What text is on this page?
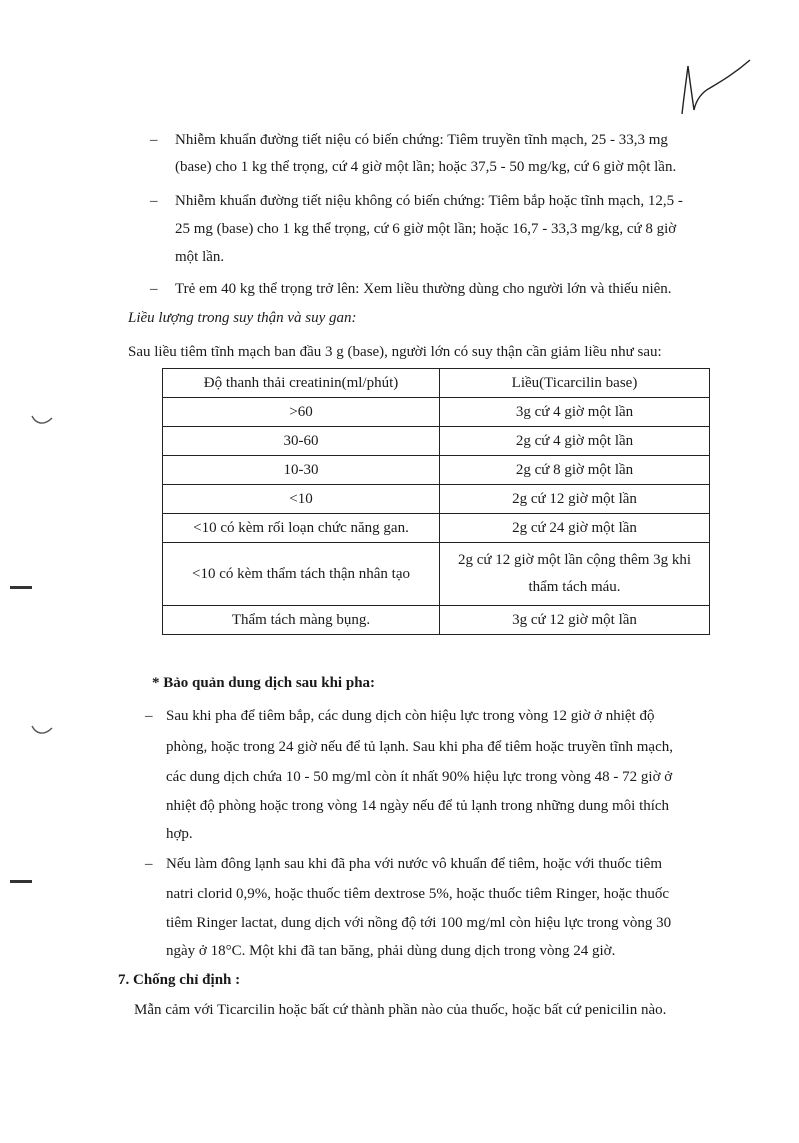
– Nhiễm khuẩn đường tiết niệu có biến chứng: Tiêm truyền tĩnh mạch, 25 - 33,3 mg
(base) cho 1 kg thể trọng, cứ 4 giờ một lần; hoặc 37,5 - 50 mg/kg, cứ 6 giờ một lần.
– Nhiễm khuẩn đường tiết niệu không có biến chứng: Tiêm bắp hoặc tĩnh mạch, 12,5 -
25 mg (base) cho 1 kg thể trọng, cứ 6 giờ một lần; hoặc 16,7 - 33,3 mg/kg, cứ 8 giờ
một lần.
– Trẻ em 40 kg thể trọng trở lên: Xem liều thường dùng cho người lớn và thiếu niên.
Liều lượng trong suy thận và suy gan:
Sau liều tiêm tĩnh mạch ban đầu 3 g (base), người lớn có suy thận cần giảm liều như sau:
Độ thanh thải creatinin(ml/phút)	Liều(Ticarcilin base)
>60	3g cứ 4 giờ một lần
30-60	2g cứ 4 giờ một lần
10-30	2g cứ 8 giờ một lần
<10	2g cứ 12 giờ một lần
<10 có kèm rối loạn chức năng gan.	2g cứ 24 giờ một lần
<10 có kèm thẩm tách thận nhân tạo	2g cứ 12 giờ một lần cộng thêm 3g khi
thẩm tách máu.

Thẩm tách màng bụng.	3g cứ 12 giờ một lần
* Bảo quản dung dịch sau khi pha:
– Sau khi pha để tiêm bắp, các dung dịch còn hiệu lực trong vòng 12 giờ ở nhiệt độ
phòng, hoặc trong 24 giờ nếu để tủ lạnh. Sau khi pha để tiêm hoặc truyền tĩnh mạch,
các dung dịch chứa 10 - 50 mg/ml còn ít nhất 90% hiệu lực trong vòng 48 - 72 giờ ở
nhiệt độ phòng hoặc trong vòng 14 ngày nếu để tủ lạnh trong những dung môi thích
hợp.
– Nếu làm đông lạnh sau khi đã pha với nước vô khuẩn để tiêm, hoặc với thuốc tiêm
natri clorid 0,9%, hoặc thuốc tiêm dextrose 5%, hoặc thuốc tiêm Ringer, hoặc thuốc
tiêm Ringer lactat, dung dịch với nồng độ tới 100 mg/ml còn hiệu lực trong vòng 30
ngày ở 18°C. Một khi đã tan băng, phải dùng dung dịch trong vòng 24 giờ.
7. Chống chỉ định :
Mẫn cảm với Ticarcilin hoặc bất cứ thành phần nào của thuốc, hoặc bất cứ penicilin nào.
